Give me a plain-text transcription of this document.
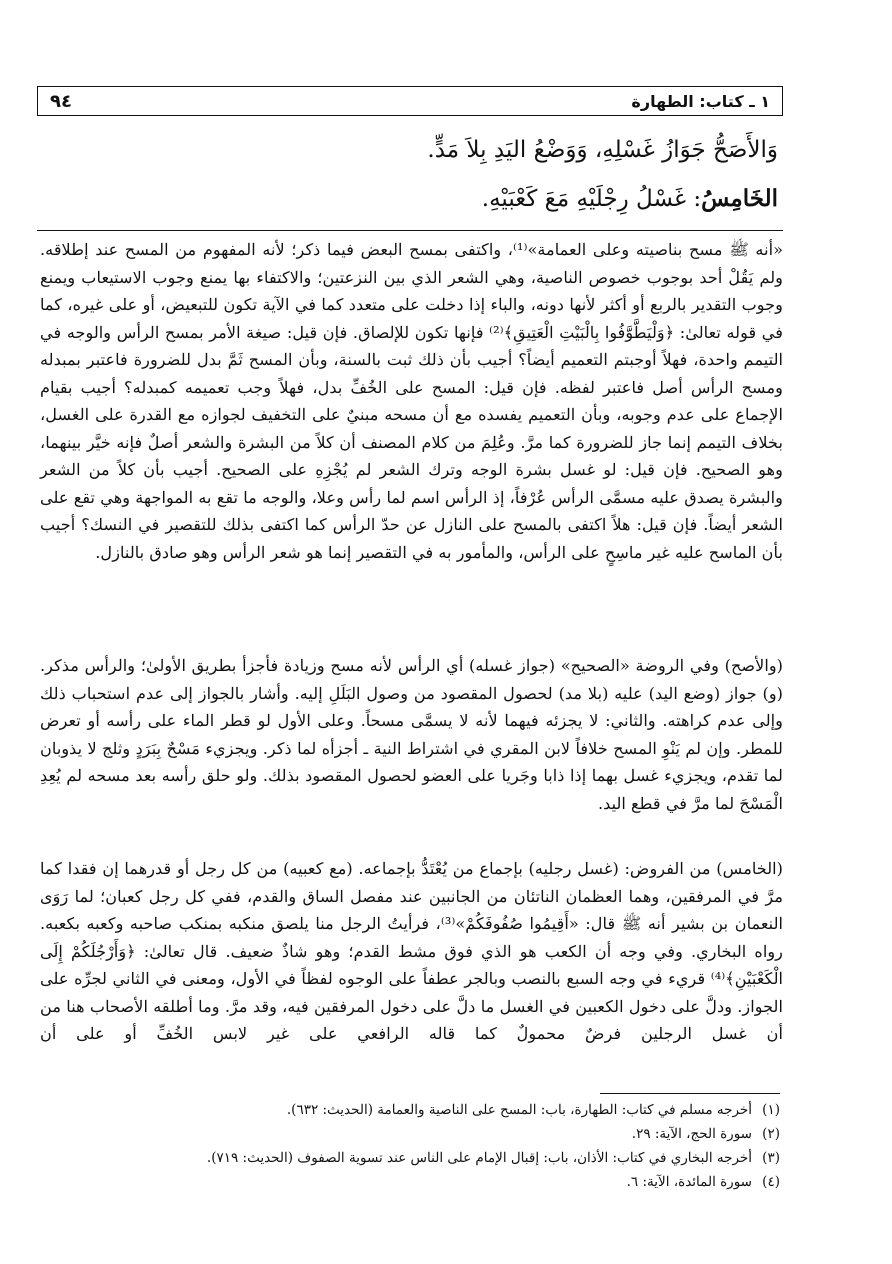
١ ـ كتاب: الطهارة
٩٤
وَالأَصَحُّ جَوَازُ غَسْلِهِ، وَوَضْعُ اليَدِ بِلاَ مَدٍّ.
الخَامِسُ: غَسْلُ رِجْلَيْهِ مَعَ كَعْبَيْهِ.
«أنه ﷺ مسح بناصيته وعلى العمامة»⁽¹⁾، واكتفى بمسح البعض فيما ذكر؛ لأنه المفهوم من المسح عند إطلاقه. ولم يَقُلْ أحد بوجوب خصوص الناصية، وهي الشعر الذي بين النزعتين؛ والاكتفاء بها يمنع وجوب الاستيعاب ويمنع وجوب التقدير بالربع أو أكثر لأنها دونه، والباء إذا دخلت على متعدد كما في الآية تكون للتبعيض، أو على غيره، كما في قوله تعالىٰ: ﴿وَلْيَطَّوَّفُوا بِالْبَيْتِ الْعَتِيقِ﴾⁽²⁾ فإنها تكون للإلصاق. فإن قيل: صيغة الأمر بمسح الرأس والوجه في التيمم واحدة، فهلاً أوجبتم التعميم أيضاً؟ أجيب بأن ذلك ثبت بالسنة، وبأن المسح ثَمَّ بدل للضرورة فاعتبر بمبدله ومسح الرأس أصل فاعتبر لفظه. فإن قيل: المسح على الخُفِّ بدل، فهلاً وجب تعميمه كمبدله؟ أجيب بقيام الإجماع على عدم وجوبه، وبأن التعميم يفسده مع أن مسحه مبنيٌ على التخفيف لجوازه مع القدرة على الغسل، بخلاف التيمم إنما جاز للضرورة كما مرَّ. وعُلِمَ من كلام المصنف أن كلاً من البشرة والشعر أصلٌ فإنه خيَّر بينهما، وهو الصحيح. فإن قيل: لو غسل بشرة الوجه وترك الشعر لم يُجْزِهِ على الصحيح. أجيب بأن كلاً من الشعر والبشرة يصدق عليه مسمَّى الرأس عُرْفاً، إذ الرأس اسم لما رأس وعلا، والوجه ما تقع به المواجهة وهي تقع على الشعر أيضاً. فإن قيل: هلاً اكتفى بالمسح على النازل عن حدّ الرأس كما اكتفى بذلك للتقصير في النسك؟ أجيب بأن الماسح عليه غير ماسِحٍ على الرأس، والمأمور به في التقصير إنما هو شعر الرأس وهو صادق بالنازل.
(والأصح) وفي الروضة «الصحيح» (جواز غسله) أي الرأس لأنه مسح وزيادة فأجزأ بطريق الأولىٰ؛ والرأس مذكر. (و) جواز (وضع اليد) عليه (بلا مد) لحصول المقصود من وصول البَلَلِ إليه. وأشار بالجواز إلى عدم استحباب ذلك وإلى عدم كراهته. والثاني: لا يجزئه فيهما لأنه لا يسمَّى مسحاً. وعلى الأول لو قطر الماء على رأسه أو تعرض للمطر. وإن لم يَنْوِ المسح خلافاً لابن المقري في اشتراط النية ـ أجزأه لما ذكر. ويجزيء مَسْحٌ بِبَرَدٍ وثلج لا يذوبان لما تقدم، ويجزيء غسل بهما إذا ذابا وجَريا على العضو لحصول المقصود بذلك. ولو حلق رأسه بعد مسحه لم يُعِدِ الْمَسْحَ لما مرَّ في قطع اليد.
(الخامس) من الفروض: (غسل رجليه) بإجماع من يُعْتَدُّ بإجماعه. (مع كعبيه) من كل رجل أو قدرهما إن فقدا كما مرَّ في المرفقين، وهما العظمان الناتئان من الجانبين عند مفصل الساق والقدم، ففي كل رجل كعبان؛ لما رَوَى النعمان بن بشير أنه ﷺ قال: «أَقِيمُوا صُفُوفَكُمْ»⁽³⁾، فرأيتُ الرجل منا يلصق منكبه بمنكب صاحبه وكعبه بكعبه. رواه البخاري. وفي وجه أن الكعب هو الذي فوق مشط القدم؛ وهو شاذٌ ضعيف. قال تعالىٰ: ﴿وَأَرْجُلَكُمْ إِلَى الْكَعْبَيْنِ﴾⁽⁴⁾ قريء في وجه السبع بالنصب وبالجر عطفاً على الوجوه لفظاً في الأول، ومعنى في الثاني لجرِّه على الجواز. ودلَّ على دخول الكعبين في الغسل ما دلَّ على دخول المرفقين فيه، وقد مرَّ. وما أطلقه الأصحاب هنا من أن غسل الرجلين فرضٌ محمولٌ كما قاله الرافعي على غير لابس الخُفِّ أو على أن
(١)أخرجه مسلم في كتاب: الطهارة، باب: المسح على الناصية والعمامة (الحديث: ٦٣٢).
(٢)سورة الحج، الآية: ٢٩.
(٣)أخرجه البخاري في كتاب: الأذان، باب: إقبال الإمام على الناس عند تسوية الصفوف (الحديث: ٧١٩).
(٤)سورة المائدة، الآية: ٦.
